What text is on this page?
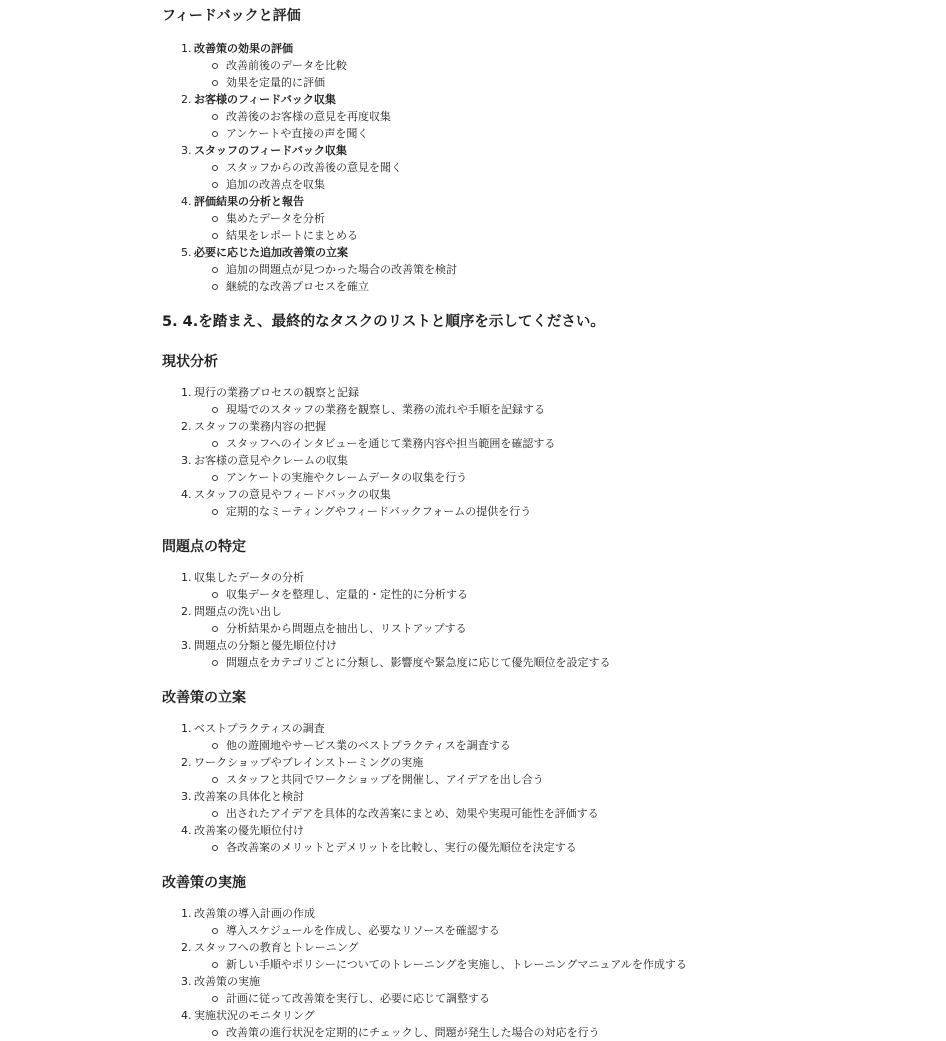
フィードバックと評価
1. 改善策の効果の評価
改善前後のデータを比較
効果を定量的に評価
2. お客様のフィードバック収集
改善後のお客様の意見を再度収集
アンケートや直接の声を聞く
3. スタッフのフィードバック収集
スタッフからの改善後の意見を聞く
追加の改善点を収集
4. 評価結果の分析と報告
集めたデータを分析
結果をレポートにまとめる
5. 必要に応じた追加改善策の立案
追加の問題点が見つかった場合の改善策を検討
継続的な改善プロセスを確立
5. 4.を踏まえ、最終的なタスクのリストと順序を示してください。
現状分析
1. 現行の業務プロセスの観察と記録
現場でのスタッフの業務を観察し、業務の流れや手順を記録する
2. スタッフの業務内容の把握
スタッフへのインタビューを通じて業務内容や担当範囲を確認する
3. お客様の意見やクレームの収集
アンケートの実施やクレームデータの収集を行う
4. スタッフの意見やフィードバックの収集
定期的なミーティングやフィードバックフォームの提供を行う
問題点の特定
1. 収集したデータの分析
収集データを整理し、定量的・定性的に分析する
2. 問題点の洗い出し
分析結果から問題点を抽出し、リストアップする
3. 問題点の分類と優先順位付け
問題点をカテゴリごとに分類し、影響度や緊急度に応じて優先順位を設定する
改善策の立案
1. ベストプラクティスの調査
他の遊園地やサービス業のベストプラクティスを調査する
2. ワークショップやブレインストーミングの実施
スタッフと共同でワークショップを開催し、アイデアを出し合う
3. 改善案の具体化と検討
出されたアイデアを具体的な改善案にまとめ、効果や実現可能性を評価する
4. 改善案の優先順位付け
各改善案のメリットとデメリットを比較し、実行の優先順位を決定する
改善策の実施
1. 改善策の導入計画の作成
導入スケジュールを作成し、必要なリソースを確認する
2. スタッフへの教育とトレーニング
新しい手順やポリシーについてのトレーニングを実施し、トレーニングマニュアルを作成する
3. 改善策の実施
計画に従って改善策を実行し、必要に応じて調整する
4. 実施状況のモニタリング
改善策の進行状況を定期的にチェックし、問題が発生した場合の対応を行う
